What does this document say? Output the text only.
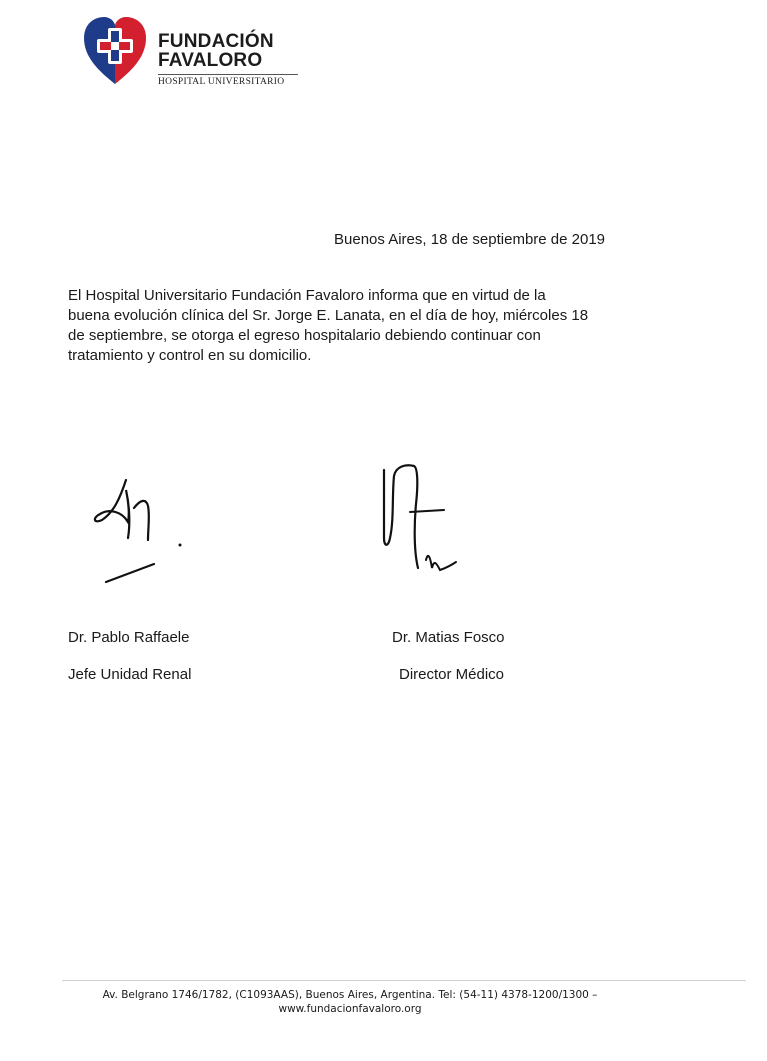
FUNDACIÓN
FAVALORO
HOSPITAL UNIVERSITARIO
Buenos Aires, 18 de septiembre de 2019
El Hospital Universitario Fundación Favaloro informa que en virtud de la
buena evolución clínica del Sr. Jorge E. Lanata, en el día de hoy, miércoles 18
de septiembre, se otorga el egreso hospitalario debiendo continuar con
tratamiento y control en su domicilio.
Dr. Pablo Raffaele
Jefe Unidad Renal
Dr. Matias Fosco
Director Médico
Av. Belgrano 1746/1782, (C1093AAS), Buenos Aires, Argentina. Tel: (54-11) 4378-1200/1300 –
www.fundacionfavaloro.org
